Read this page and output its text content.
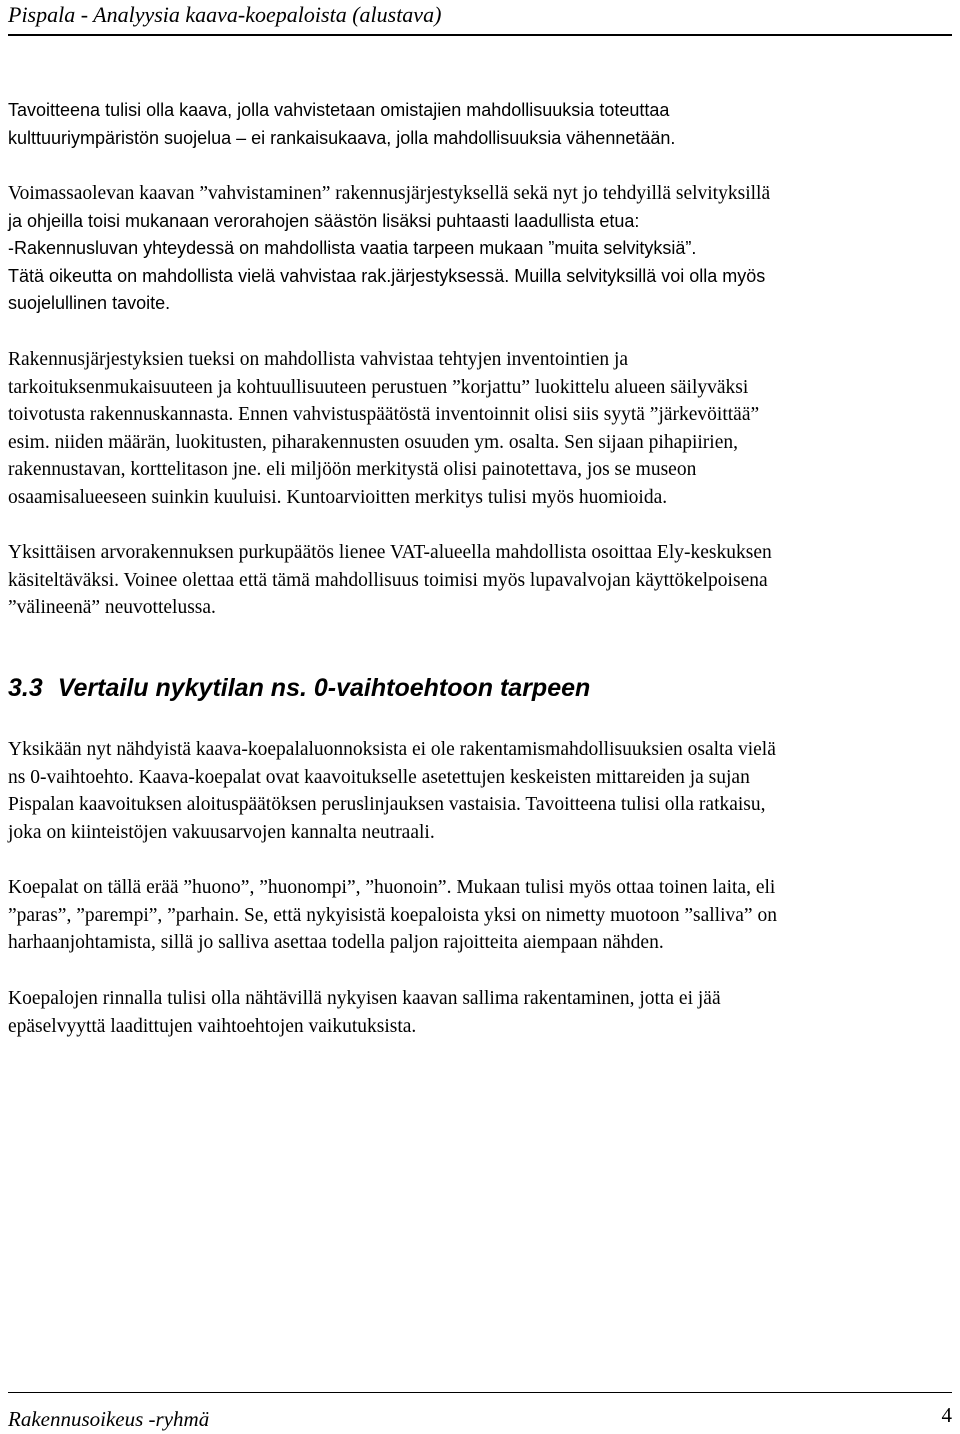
Pispala - Analyysia kaava-koepaloista (alustava)
Tavoitteena tulisi olla kaava, jolla vahvistetaan omistajien mahdollisuuksia toteuttaa
kulttuuriympäristön suojelua – ei rankaisukaava, jolla mahdollisuuksia vähennetään.
Voimassaolevan kaavan ”vahvistaminen” rakennusjärjestyksellä sekä nyt jo tehdyillä selvityksillä
ja ohjeilla toisi mukanaan verorahojen säästön lisäksi puhtaasti laadullista etua:
-Rakennusluvan yhteydessä on mahdollista vaatia tarpeen mukaan ”muita selvityksiä”.
Tätä oikeutta on mahdollista vielä vahvistaa rak.järjestyksessä. Muilla selvityksillä voi olla myös
suojelullinen tavoite.
Rakennusjärjestyksien tueksi on mahdollista vahvistaa tehtyjen inventointien ja
tarkoituksenmukaisuuteen ja kohtuullisuuteen perustuen ”korjattu” luokittelu alueen säilyväksi
toivotusta rakennuskannasta. Ennen vahvistuspäätöstä inventoinnit olisi siis syytä ”järkevöittää”
esim. niiden määrän, luokitusten, piharakennusten osuuden ym. osalta. Sen sijaan pihapiirien,
rakennustavan, korttelitason jne. eli miljöön merkitystä olisi painotettava, jos se museon
osaamisalueeseen suinkin kuuluisi. Kuntoarvioitten merkitys tulisi myös huomioida.
Yksittäisen arvorakennuksen purkupäätös lienee VAT-alueella mahdollista osoittaa Ely-keskuksen
käsiteltäväksi. Voinee olettaa että tämä mahdollisuus toimisi myös lupavalvojan käyttökelpoisena
”välineenä” neuvottelussa.
3.3 Vertailu nykytilan ns. 0-vaihtoehtoon tarpeen
Yksikään nyt nähdyistä kaava-koepalaluonnoksista ei ole rakentamismahdollisuuksien osalta vielä
ns 0-vaihtoehto. Kaava-koepalat ovat kaavoitukselle asetettujen keskeisten mittareiden ja sujan
Pispalan kaavoituksen aloituspäätöksen peruslinjauksen vastaisia. Tavoitteena tulisi olla ratkaisu,
joka on kiinteistöjen vakuusarvojen kannalta neutraali.
Koepalat on tällä erää ”huono”, ”huonompi”, ”huonoin”. Mukaan tulisi myös ottaa toinen laita, eli
”paras”, ”parempi”, ”parhain. Se, että nykyisistä koepaloista yksi on nimetty muotoon ”salliva” on
harhaanjohtamista, sillä jo salliva asettaa todella paljon rajoitteita aiempaan nähden.
Koepalojen rinnalla tulisi olla nähtävillä nykyisen kaavan sallima rakentaminen, jotta ei jää
epäselvyyttä laadittujen vaihtoehtojen vaikutuksista.
Rakennusoikeus -ryhmä	4
